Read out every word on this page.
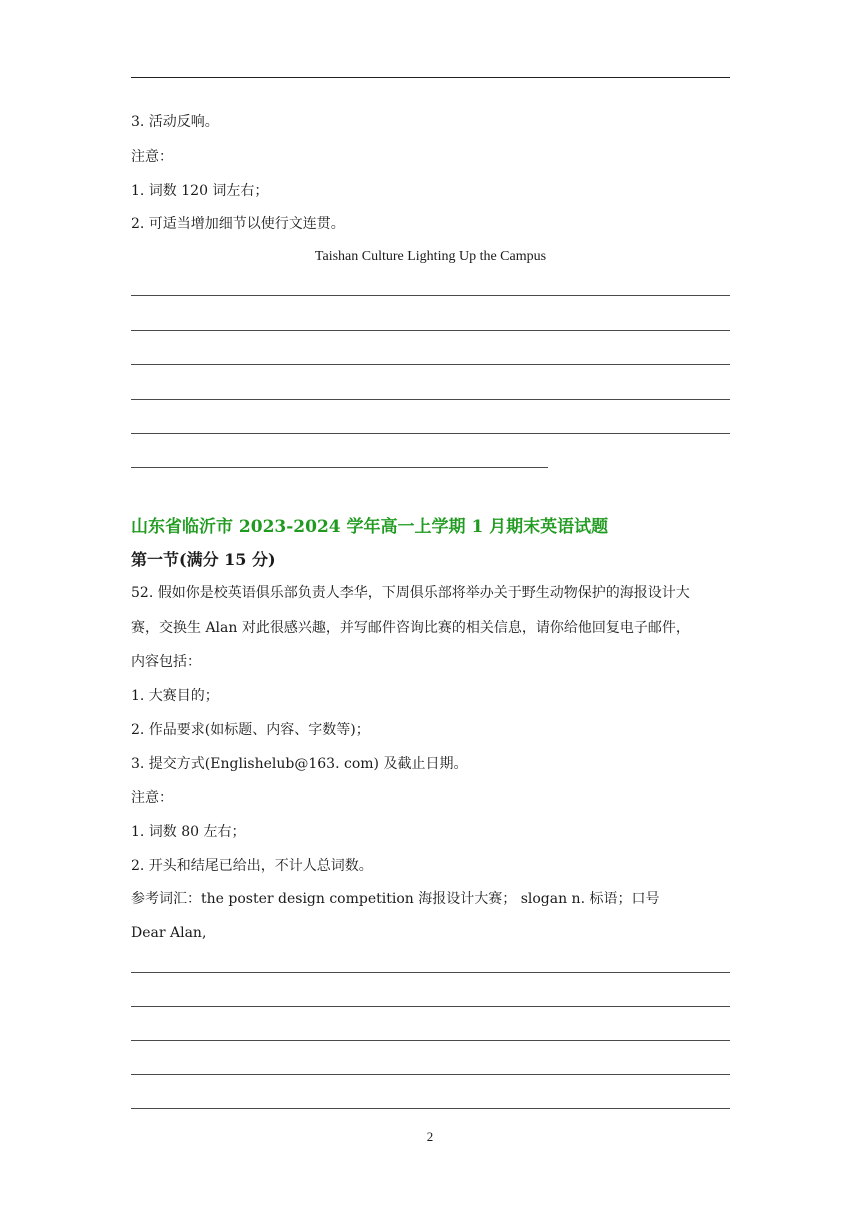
3. 活动反响。
注意：
1. 词数 120 词左右；
2. 可适当增加细节以使行文连贯。
Taishan Culture Lighting Up the Campus
山东省临沂市 2023-2024 学年高一上学期 1 月期末英语试题
第一节(满分 15 分)
52. 假如你是校英语俱乐部负责人李华，下周俱乐部将举办关于野生动物保护的海报设计大
赛，交换生 Alan 对此很感兴趣，并写邮件咨询比赛的相关信息，请你给他回复电子邮件，
内容包括：
1. 大赛目的；
2. 作品要求(如标题、内容、字数等)；
3. 提交方式(Englishelub@163. com) 及截止日期。
注意：
1. 词数 80 左右；
2. 开头和结尾已给出，不计人总词数。
参考词汇：the poster design competition 海报设计大赛； slogan n. 标语；口号
Dear Alan,
2
